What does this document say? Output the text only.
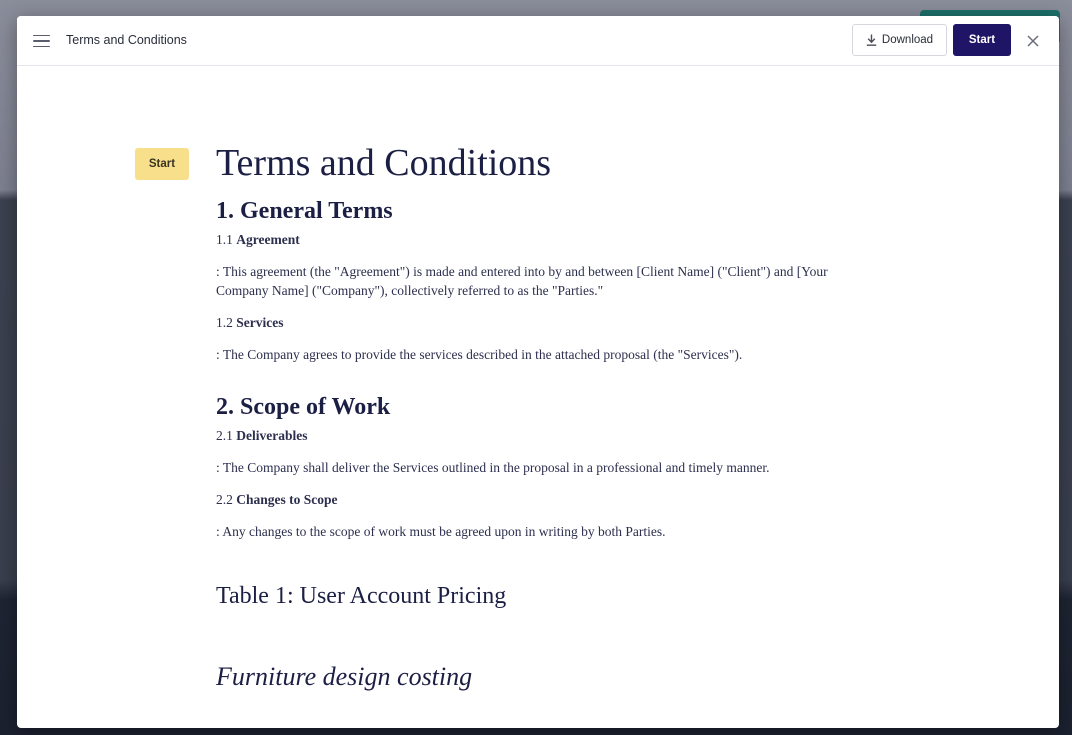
Terms and Conditions	Download	Start
Start	Terms and Conditions
1. General Terms

1.1 Agreement

: This agreement (the "Agreement") is made and entered into by and between [Client Name] ("Client") and [Your Company Name] ("Company"), collectively referred to as the "Parties."

1.2 Services

: The Company agrees to provide the services described in the attached proposal (the "Services").

2. Scope of Work

2.1 Deliverables

: The Company shall deliver the Services outlined in the proposal in a professional and timely manner.

2.2 Changes to Scope

: Any changes to the scope of work must be agreed upon in writing by both Parties.

Table 1: User Account Pricing
Furniture design costing
